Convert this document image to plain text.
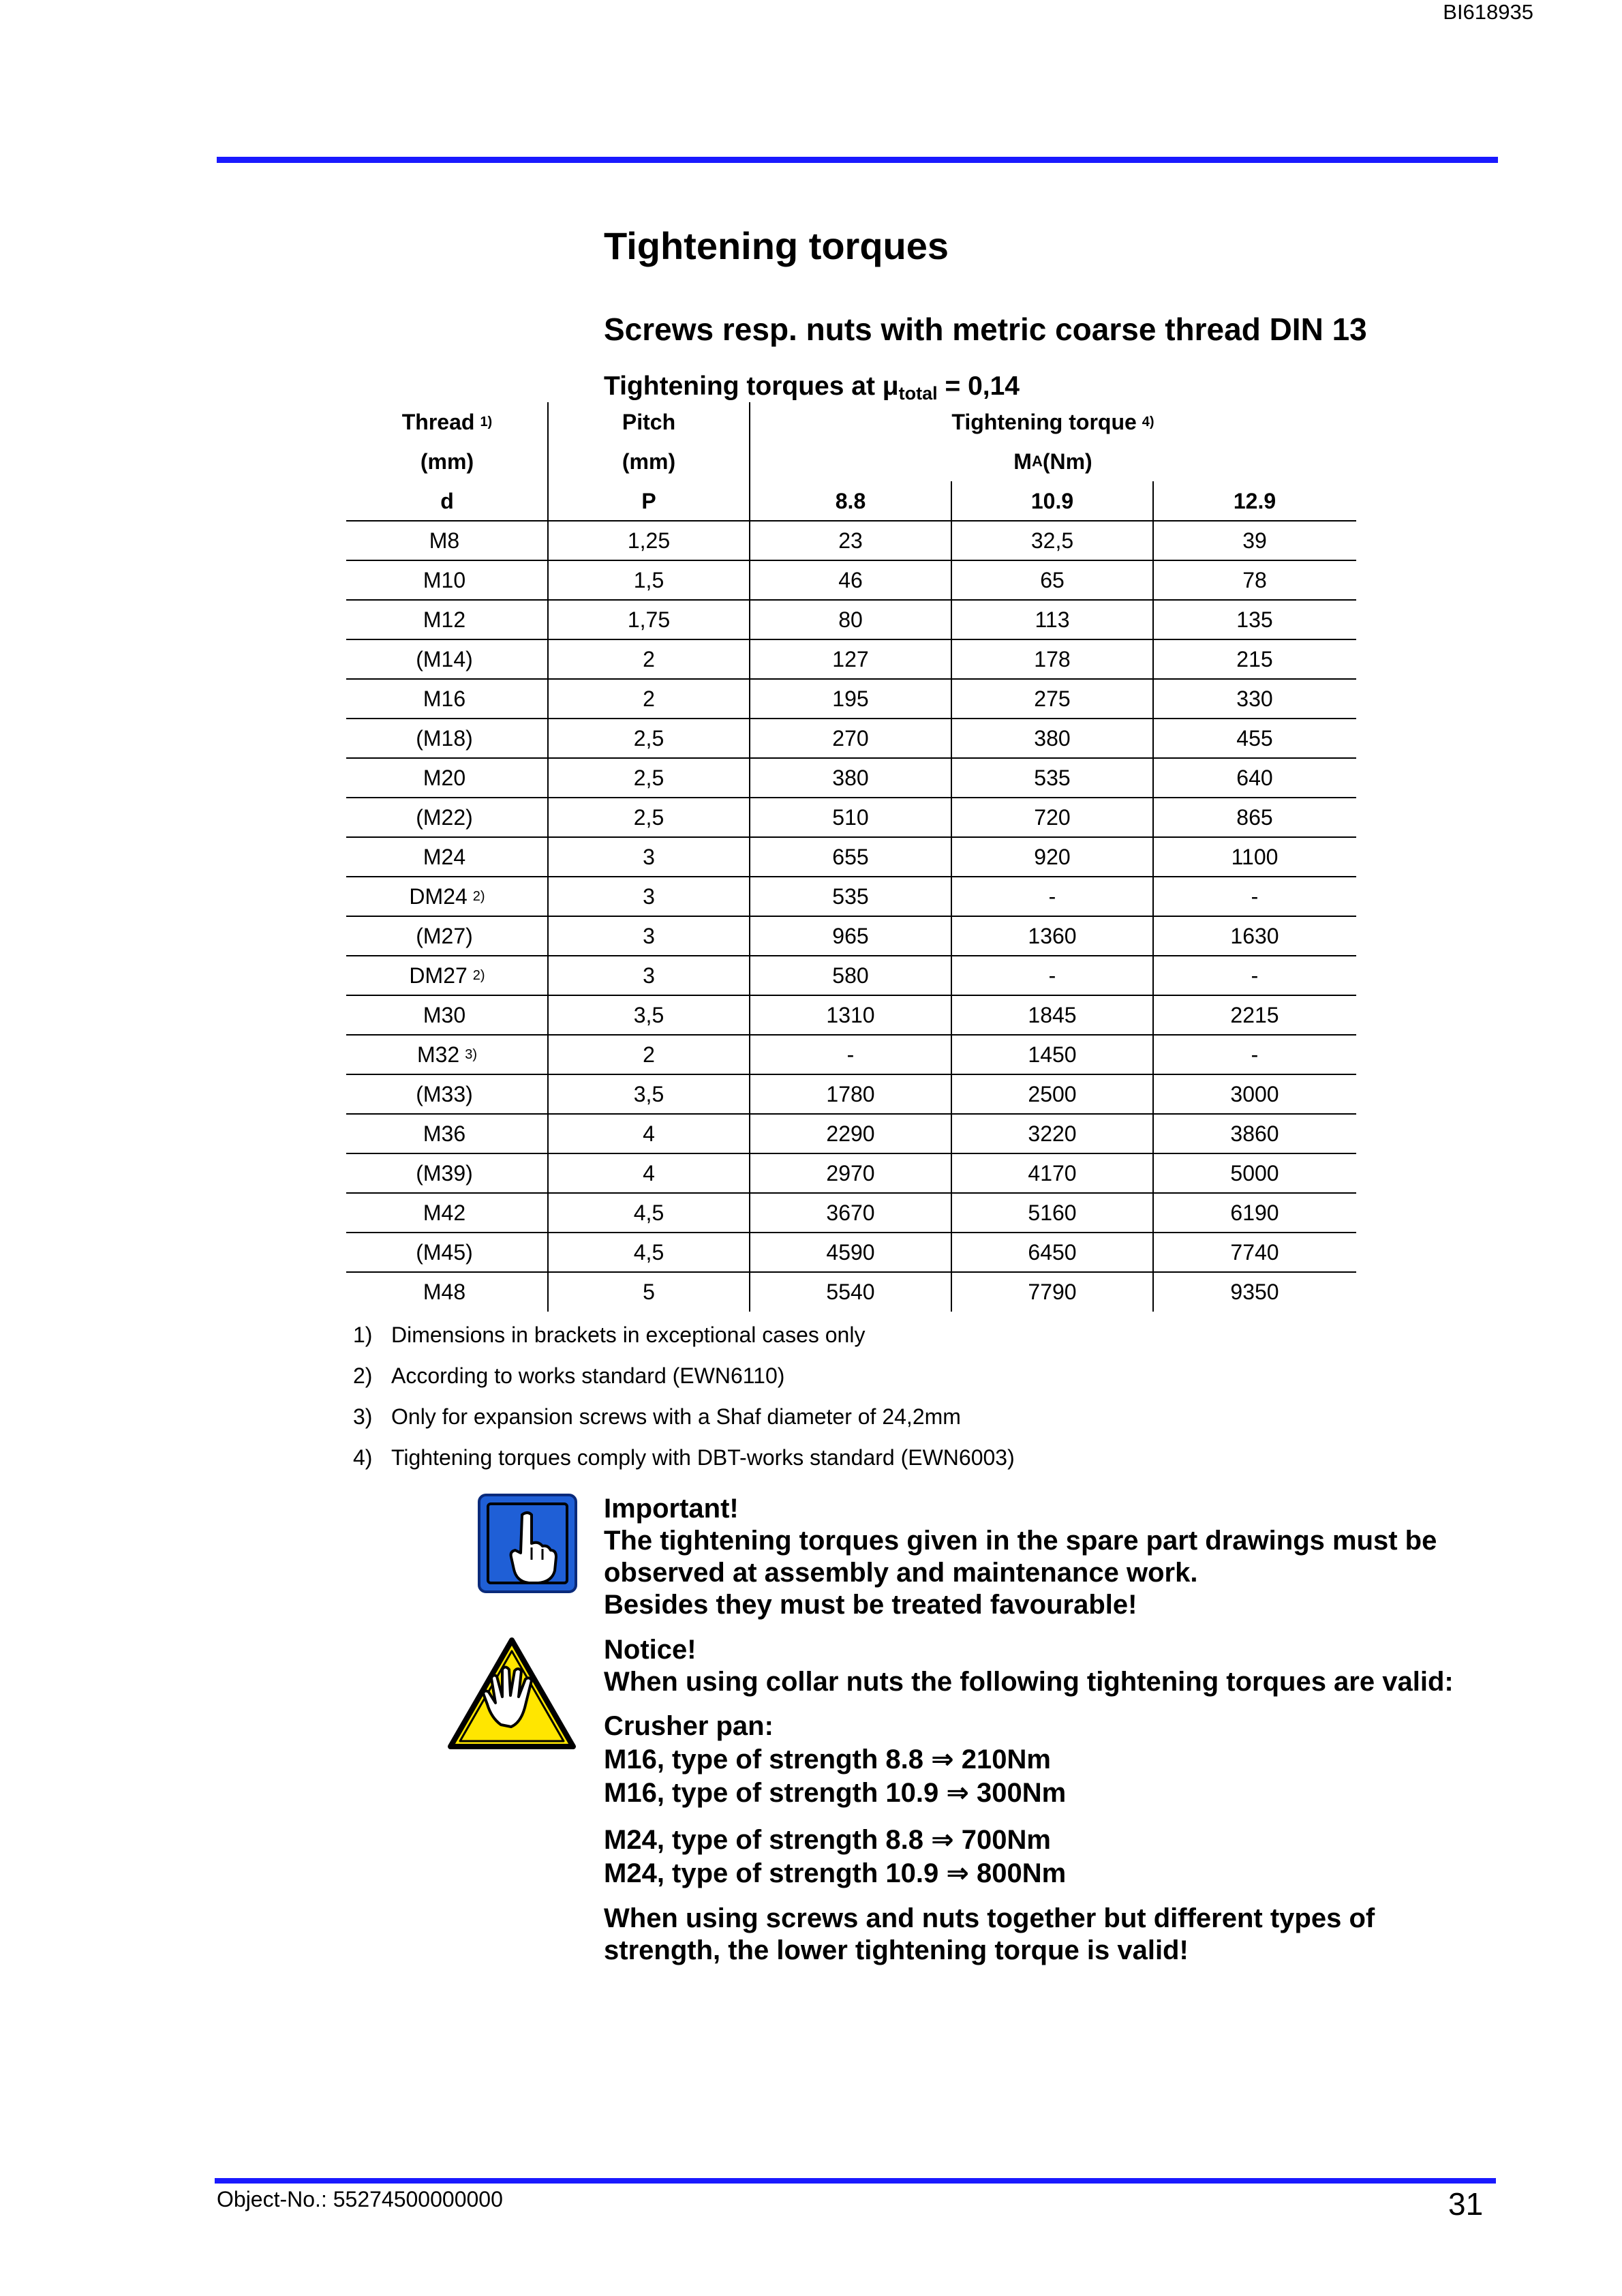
BI618935
Tightening torques
Screws resp. nuts with metric coarse thread DIN 13
Tightening torques at $\mu_{total} = 0,14$
Thread 1)	Pitch	Tightening torque 4)
(mm)	(mm)	M A (Nm)
d	P	8.8	10.9	12.9
M8	1,25	23	32,5	39
M10	1,5	46	65	78
M12	1,75	80	113	135
(M14)	2	127	178	215
M16	2	195	275	330
(M18)	2,5	270	380	455
M20	2,5	380	535	640
(M22)	2,5	510	720	865
M24	3	655	920	1100
DM24 2)	3	535	-	-
(M27)	3	965	1360	1630
DM27 2)	3	580	-	-
M30	3,5	1310	1845	2215
M32 3)	2	-	1450	-
(M33)	3,5	1780	2500	3000
M36	4	2290	3220	3860
(M39)	4	2970	4170	5000
M42	4,5	3670	5160	6190
(M45)	4,5	4590	6450	7740
M48	5	5540	7790	9350
1) Dimensions in brackets in exceptional cases only
2) According to works standard (EWN6110)
3) Only for expansion screws with a Shaf diameter of 24,2mm
4) Tightening torques comply with DBT-works standard (EWN6003)
Important!
The tightening torques given in the spare part drawings must be
observed at assembly and maintenance work.
Besides they must be treated favourable!
Notice!
When using collar nuts the following tightening torques are valid:
Crusher pan:
M16, type of strength 8.8 ⇒ 210Nm
M16, type of strength 10.9 ⇒ 300Nm
M24, type of strength 8.8 ⇒ 700Nm
M24, type of strength 10.9 ⇒ 800Nm
When using screws and nuts together but different types of
strength, the lower tightening torque is valid!
Object-No.: 55274500000000	31
